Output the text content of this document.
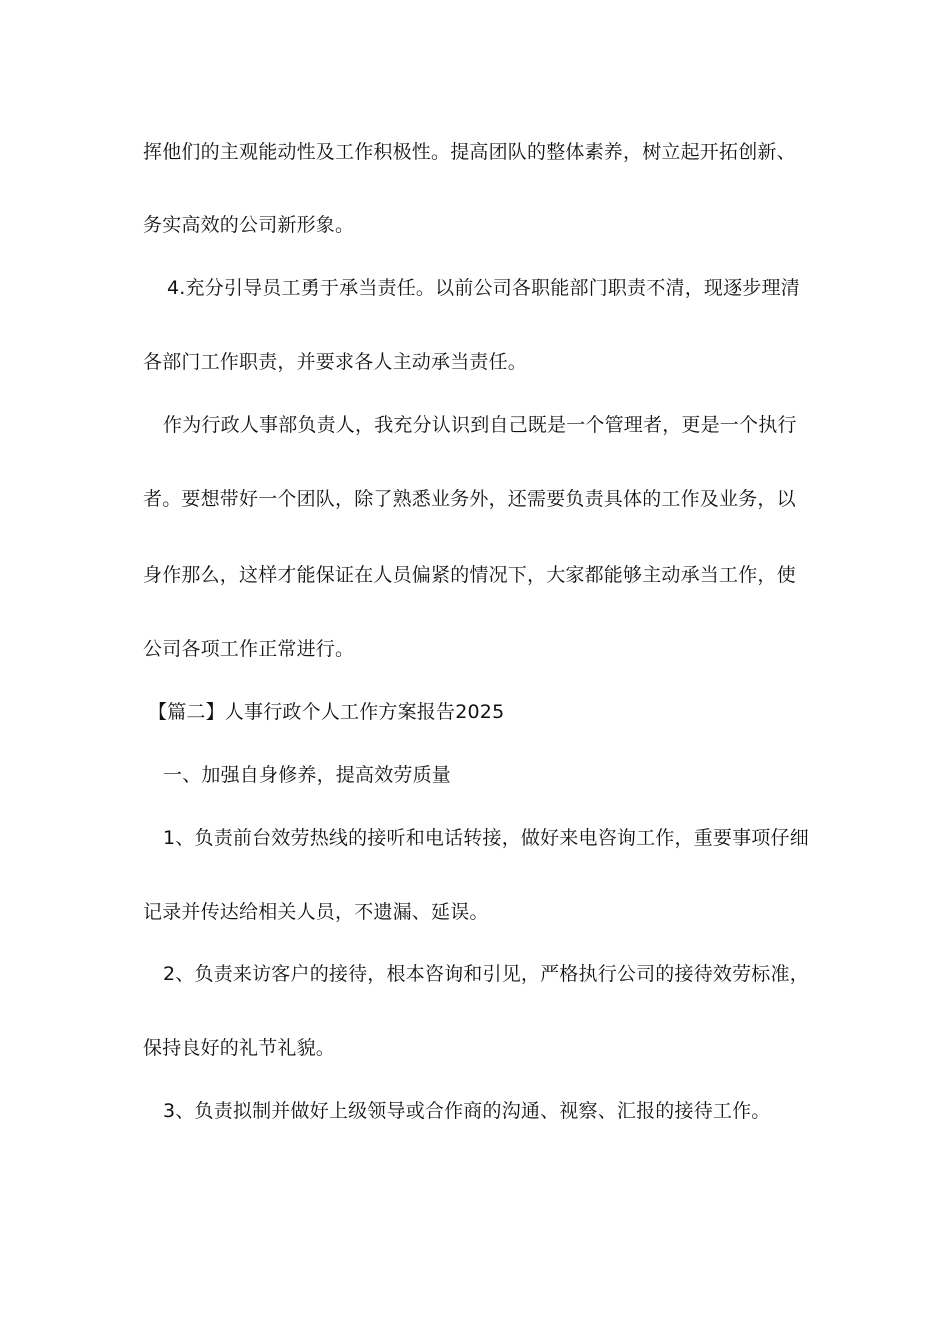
挥他们的主观能动性及工作积极性。提高团队的整体素养，树立起开拓创新、
务实高效的公司新形象。
4.充分引导员工勇于承当责任。以前公司各职能部门职责不清，现逐步理清
各部门工作职责，并要求各人主动承当责任。
作为行政人事部负责人，我充分认识到自己既是一个管理者，更是一个执行
者。要想带好一个团队，除了熟悉业务外，还需要负责具体的工作及业务，以
身作那么，这样才能保证在人员偏紧的情况下，大家都能够主动承当工作，使
公司各项工作正常进行。
【篇二】人事行政个人工作方案报告2025
一、加强自身修养，提高效劳质量
1、负责前台效劳热线的接听和电话转接，做好来电咨询工作，重要事项仔细
记录并传达给相关人员，不遗漏、延误。
2、负责来访客户的接待，根本咨询和引见，严格执行公司的接待效劳标准，
保持良好的礼节礼貌。
3、负责拟制并做好上级领导或合作商的沟通、视察、汇报的接待工作。
